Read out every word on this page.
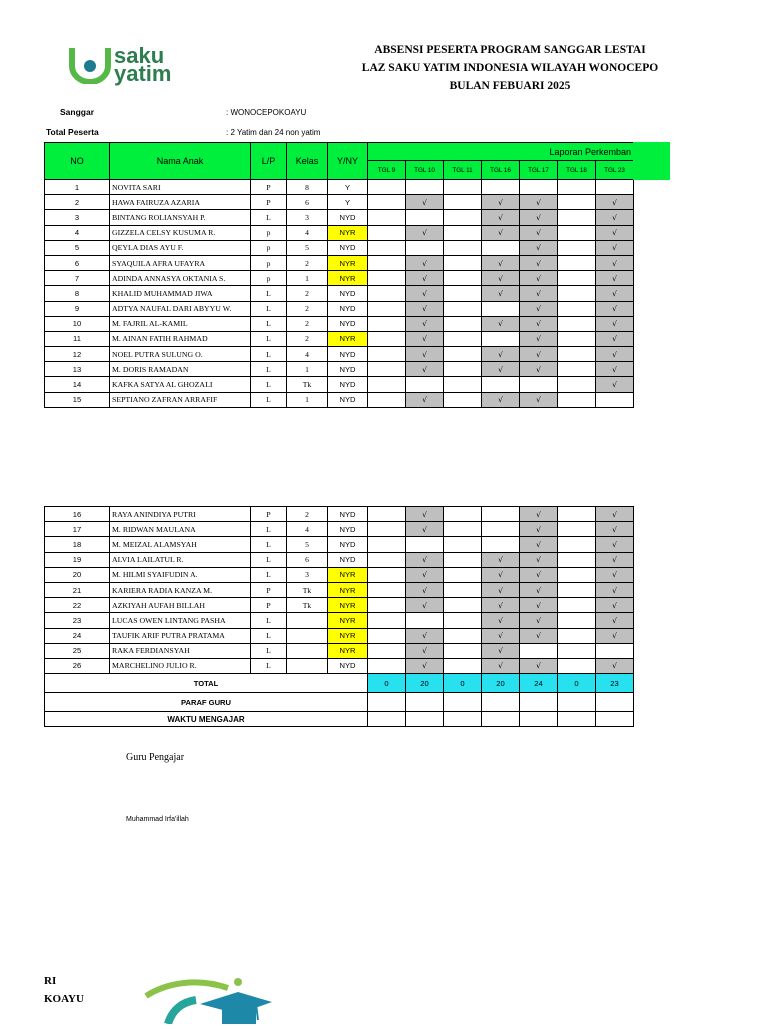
saku
yatim
ABSENSI PESERTA PROGRAM SANGGAR LESTAI
LAZ SAKU YATIM INDONESIA WILAYAH WONOCEPO
BULAN FEBUARI 2025
Sanggar	: WONOCEPOKOAYU
Total Peserta	: 2 Yatim dan 24 non yatim
NO	Nama Anak	L/P	Kelas	Y/NY	Laporan Perkemban						
					TGL 9	TGL 10	TGL 11	TGL 16	TGL 17	TGL 18	TGL 23
1	NOVITA SARI	P	8	Y							
2	HAWA FAIRUZA AZARIA	P	6	Y		√		√	√		√
3	BINTANG ROLIANSYAH P.	L	3	NYD				√	√		√
4	GIZZELA CELSY KUSUMA R.	p	4	NYR		√		√	√		√
5	QEYLA DIAS AYU F.	p	5	NYD					√		√
6	SYAQUILA AFRA UFAYRA	p	2	NYR		√		√	√		√
7	ADINDA ANNASYA OKTANIA S.	p	1	NYR		√		√	√		√
8	KHALID MUHAMMAD JIWA	L	2	NYD		√		√	√		√
9	ADTYA NAUFAL DARI ABYYU W.	L	2	NYD		√			√		√
10	M. FAJRIL AL-KAMIL	L	2	NYD		√		√	√		√
11	M. AINAN FATIH RAHMAD	L	2	NYR		√			√		√
12	NOEL PUTRA SULUNG O.	L	4	NYD		√		√	√		√
13	M. DORIS RAMADAN	L	1	NYD		√		√	√		√
14	KAFKA SATYA AL GHOZALI	L	Tk	NYD							√
15	SEPTIANO ZAFRAN ARRAFIF	L	1	NYD		√		√	√		
16	RAYA ANINDIYA PUTRI	P	2	NYD		√			√		√
17	M. RIDWAN MAULANA	L	4	NYD		√			√		√
18	M. MEIZAL ALAMSYAH	L	5	NYD					√		√
19	ALVIA LAILATUL R.	L	6	NYD		√		√	√		√
20	M. HILMI SYAIFUDIN A.	L	3	NYR		√		√	√		√
21	KARIERA RADIA KANZA M.	P	Tk	NYR		√		√	√		√
22	AZKIYAH AUFAH BILLAH	P	Tk	NYR		√		√	√		√
23	LUCAS OWEN LINTANG PASHA	L		NYR				√	√		√
24	TAUFIK ARIF PUTRA PRATAMA	L		NYR		√		√	√		√
25	RAKA FERDIANSYAH	L		NYR		√		√			
26	MARCHELINO JULIO R.	L		NYD		√		√	√		√
TOTAL					0	20	0	20	24	0	23
PARAF GURU											
WAKTU MENGAJAR											
Guru Pengajar
Muhammad Irfa'illah
RI
KOAYU
